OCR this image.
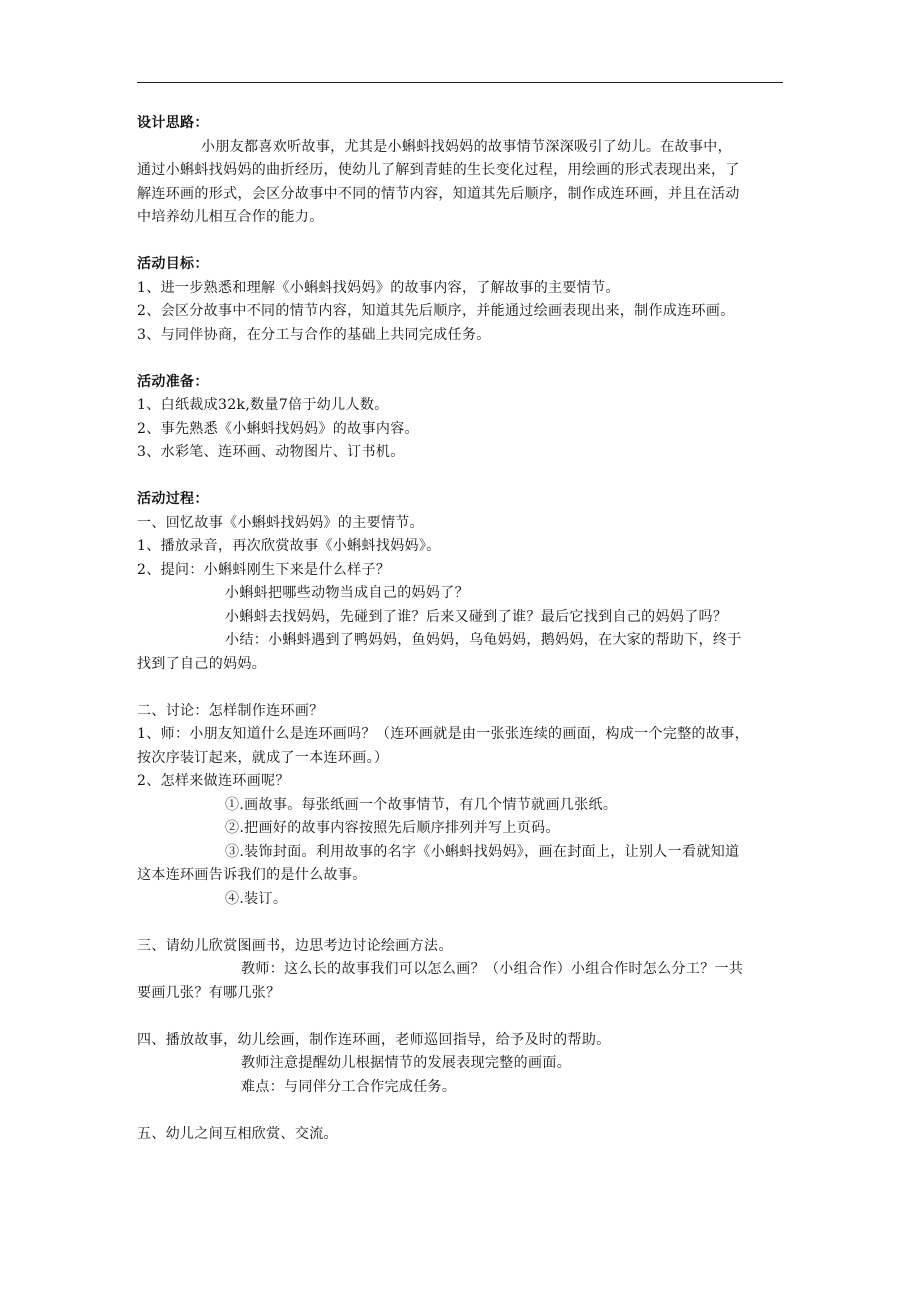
设计思路：
小朋友都喜欢听故事，尤其是小蝌蚪找妈妈的故事情节深深吸引了幼儿。在故事中，
通过小蝌蚪找妈妈的曲折经历，使幼儿了解到青蛙的生长变化过程，用绘画的形式表现出来，了
解连环画的形式，会区分故事中不同的情节内容，知道其先后顺序，制作成连环画，并且在活动
中培养幼儿相互合作的能力。
活动目标：
1、进一步熟悉和理解《小蝌蚪找妈妈》的故事内容，了解故事的主要情节。
2、会区分故事中不同的情节内容，知道其先后顺序，并能通过绘画表现出来，制作成连环画。
3、与同伴协商，在分工与合作的基础上共同完成任务。
活动准备：
1、白纸裁成32k,数量7倍于幼儿人数。
2、事先熟悉《小蝌蚪找妈妈》的故事内容。
3、水彩笔、连环画、动物图片、订书机。
活动过程：
一、回忆故事《小蝌蚪找妈妈》的主要情节。
1、播放录音，再次欣赏故事《小蝌蚪找妈妈》。
2、提问：小蝌蚪刚生下来是什么样子？
小蝌蚪把哪些动物当成自己的妈妈了？
小蝌蚪去找妈妈，先碰到了谁？后来又碰到了谁？最后它找到自己的妈妈了吗？
小结：小蝌蚪遇到了鸭妈妈，鱼妈妈，乌龟妈妈，鹅妈妈，在大家的帮助下，终于
找到了自己的妈妈。
二、讨论：怎样制作连环画？
1、师：小朋友知道什么是连环画吗？（连环画就是由一张张连续的画面，构成一个完整的故事，
按次序装订起来，就成了一本连环画。）
2、怎样来做连环画呢？
①.画故事。每张纸画一个故事情节，有几个情节就画几张纸。
②.把画好的故事内容按照先后顺序排列并写上页码。
③.装饰封面。利用故事的名字《小蝌蚪找妈妈》，画在封面上，让别人一看就知道
这本连环画告诉我们的是什么故事。
④.装订。
三、请幼儿欣赏图画书，边思考边讨论绘画方法。
教师：这么长的故事我们可以怎么画？（小组合作）小组合作时怎么分工？一共
要画几张？有哪几张？
四、播放故事，幼儿绘画，制作连环画，老师巡回指导，给予及时的帮助。
教师注意提醒幼儿根据情节的发展表现完整的画面。
难点：与同伴分工合作完成任务。
五、幼儿之间互相欣赏、交流。
